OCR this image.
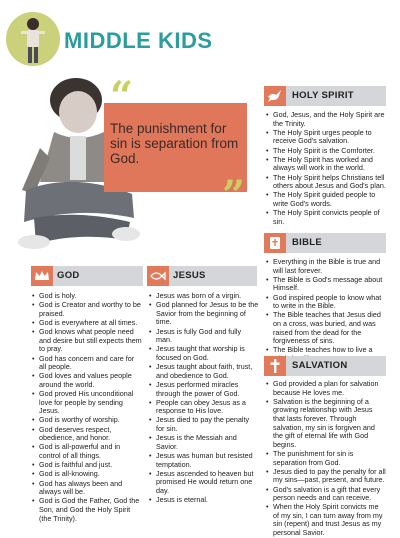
MIDDLE KIDS
“
The punishment for sin is separation from God.
”
HOLY SPIRIT
• God, Jesus, and the Holy Spirit are the Trinity.
• The Holy Spirit urges people to receive God's salvation.
• The Holy Spirit is the Comforter.
• The Holy Spirit has worked and always will work in the world.
• The Holy Spirit helps Christians tell others about Jesus and God's plan.
• The Holy Spirit guided people to write God's words.
• The Holy Spirit convicts people of sin.
BIBLE
• Everything in the Bible is true and will last forever.
• The Bible is God's message about Himself.
• God inspired people to know what to write in the Bible.
• The Bible teaches that Jesus died on a cross, was buried, and was raised from the dead for the forgiveness of sins.
• The Bible teaches how to live a
SALVATION
• God provided a plan for salvation because He loves me.
• Salvation is the beginning of a growing relationship with Jesus that lasts forever. Through salvation, my sin is forgiven and the gift of eternal life with God begins.
• The punishment for sin is separation from God.
• Jesus died to pay the penalty for all my sins—past, present, and future.
• God's salvation is a gift that every person needs and can receive.
• When the Holy Spirit convicts me of my sin, I can turn away from my sin (repent) and trust Jesus as my personal Savior.
GOD
• God is holy.
• God is Creator and worthy to be praised.
• God is everywhere at all times.
• God knows what people need and desire but still expects them to pray.
• God has concern and care for all people.
• God loves and values people around the world.
• God proved His unconditional love for people by sending Jesus.
• God is worthy of worship.
• God deserves respect, obedience, and honor.
• God is all-powerful and in control of all things.
• God is faithful and just.
• God is all-knowing.
• God has always been and always will be.
• God is God the Father, God the Son, and God the Holy Spirit (the Trinity).
JESUS
• Jesus was born of a virgin.
• God planned for Jesus to be the Savior from the beginning of time.
• Jesus is fully God and fully man.
• Jesus taught that worship is focused on God.
• Jesus taught about faith, trust, and obedience to God.
• Jesus performed miracles through the power of God.
• People can obey Jesus as a response to His love.
• Jesus died to pay the penalty for sin.
• Jesus is the Messiah and Savior.
• Jesus was human but resisted temptation.
• Jesus ascended to heaven but promised He would return one day.
• Jesus is eternal.
